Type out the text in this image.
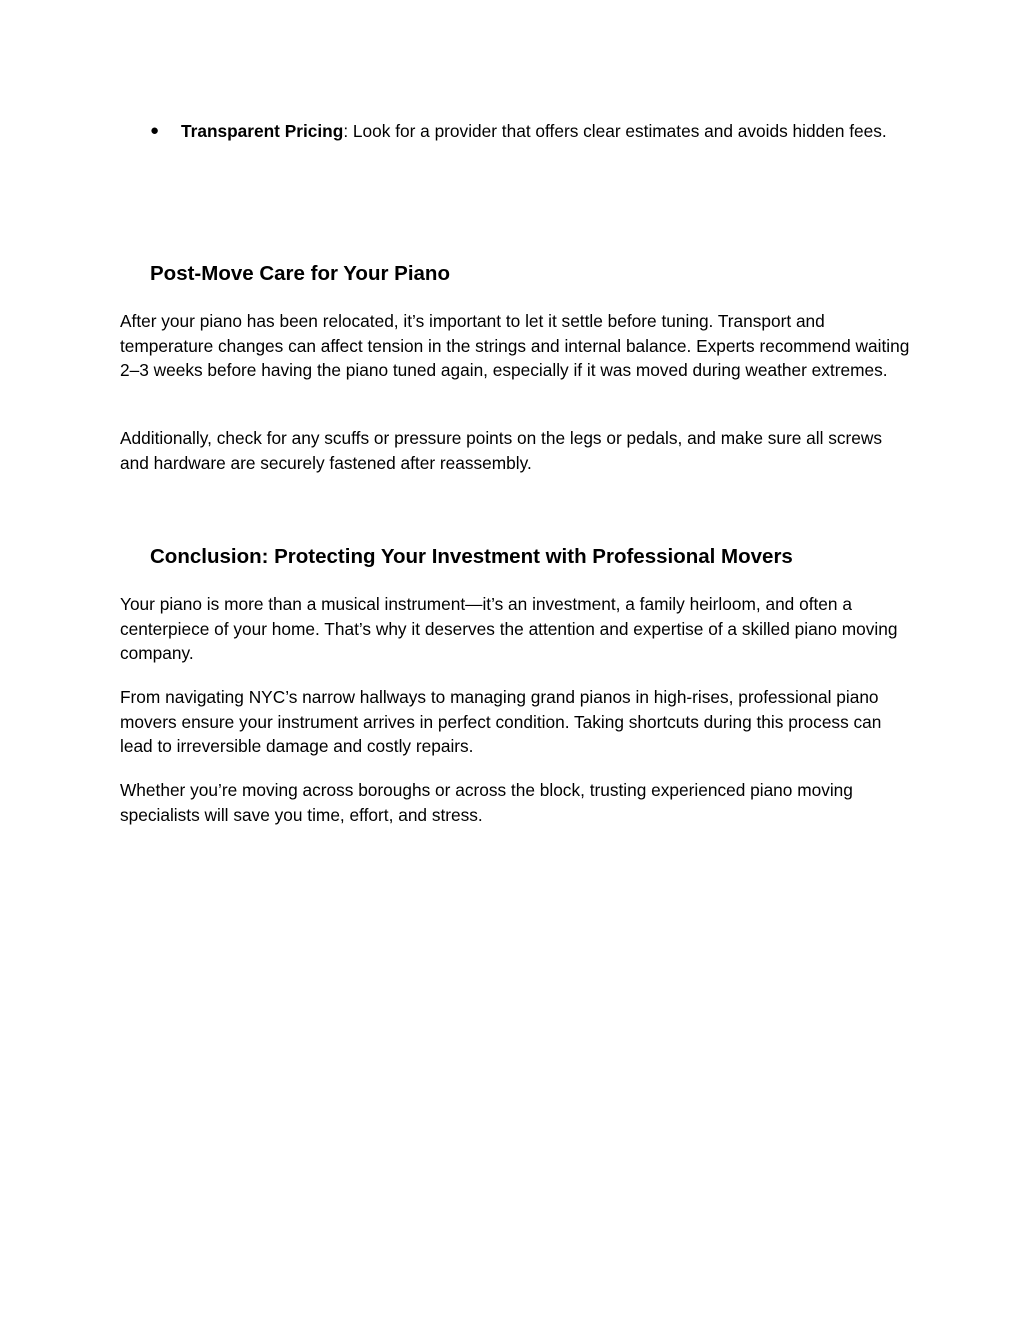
●	Transparent Pricing: Look for a provider that offers clear estimates and avoids hidden fees.
Post-Move Care for Your Piano

After your piano has been relocated, it’s important to let it settle before tuning. Transport and temperature changes can affect tension in the strings and internal balance. Experts recommend waiting 2–3 weeks before having the piano tuned again, especially if it was moved during weather extremes.

Additionally, check for any scuffs or pressure points on the legs or pedals, and make sure all screws and hardware are securely fastened after reassembly.

Conclusion: Protecting Your Investment with Professional Movers

Your piano is more than a musical instrument—it’s an investment, a family heirloom, and often a centerpiece of your home. That’s why it deserves the attention and expertise of a skilled piano moving company.

From navigating NYC’s narrow hallways to managing grand pianos in high-rises, professional piano movers ensure your instrument arrives in perfect condition. Taking shortcuts during this process can lead to irreversible damage and costly repairs.

Whether you’re moving across boroughs or across the block, trusting experienced piano moving specialists will save you time, effort, and stress.
